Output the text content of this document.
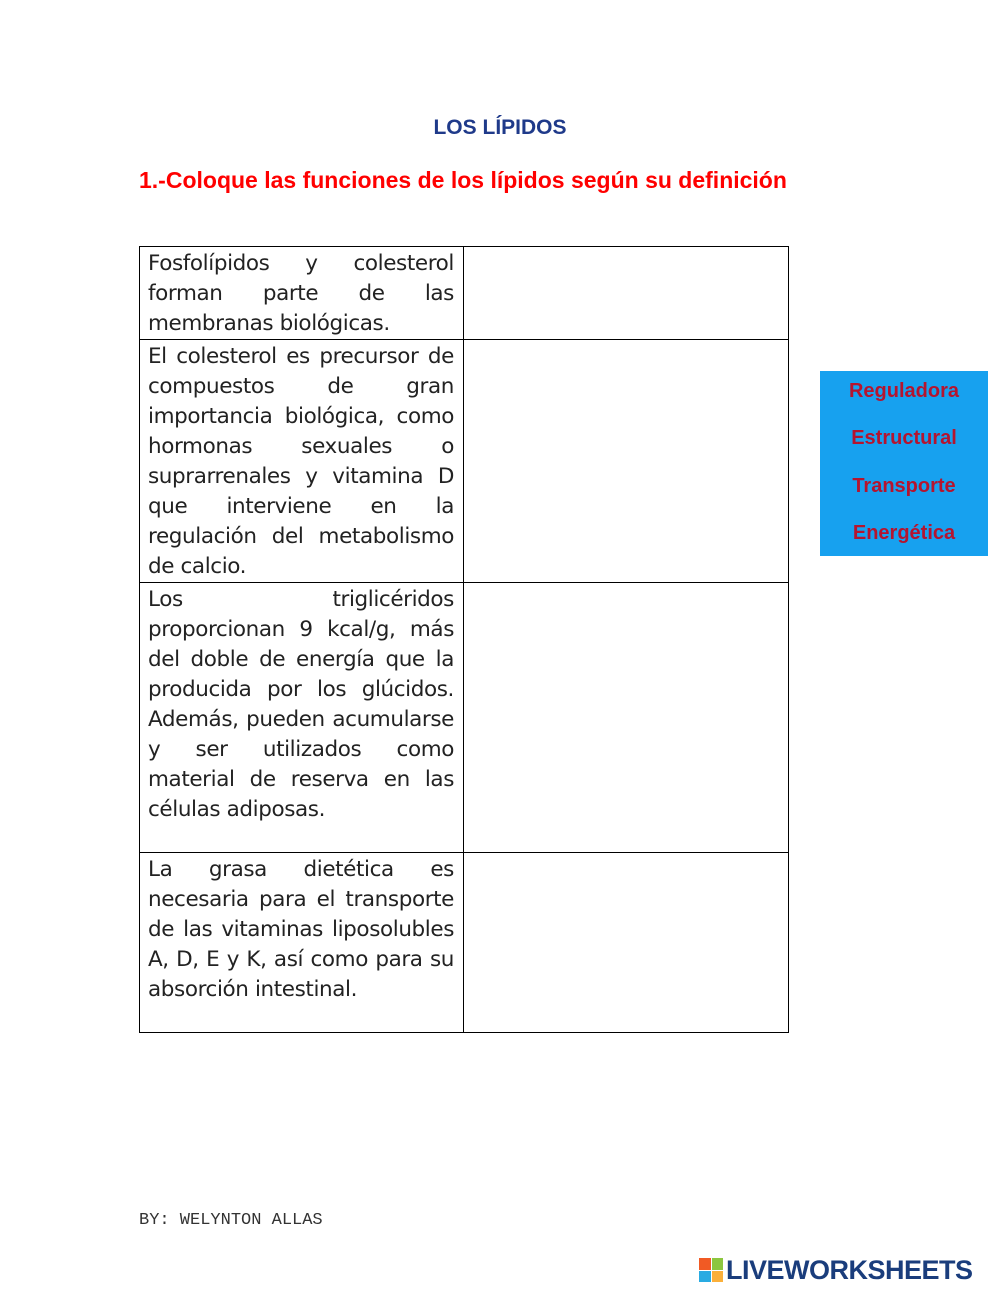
LOS LÍPIDOS
1.-Coloque las funciones de los lípidos según su definición
Fosfolípidos y colesterol forman parte de las membranas biológicas.	

El colesterol es precursor de compuestos de gran importancia biológica, como hormonas sexuales o suprarrenales y vitamina D que interviene en la regulación del metabolismo de calcio.	

Los triglicéridos proporcionan 9 kcal/g, más del doble de energía que la producida por los glúcidos. Además, pueden acumularse y ser utilizados como material de reserva en las células adiposas.	

La grasa dietética es necesaria para el transporte de las vitaminas liposolubles A, D, E y K, así como para su absorción intestinal.	
Reguladora
Estructural
Transporte
Energética
BY: WELYNTON ALLAS
LIVEWORKSHEETS
